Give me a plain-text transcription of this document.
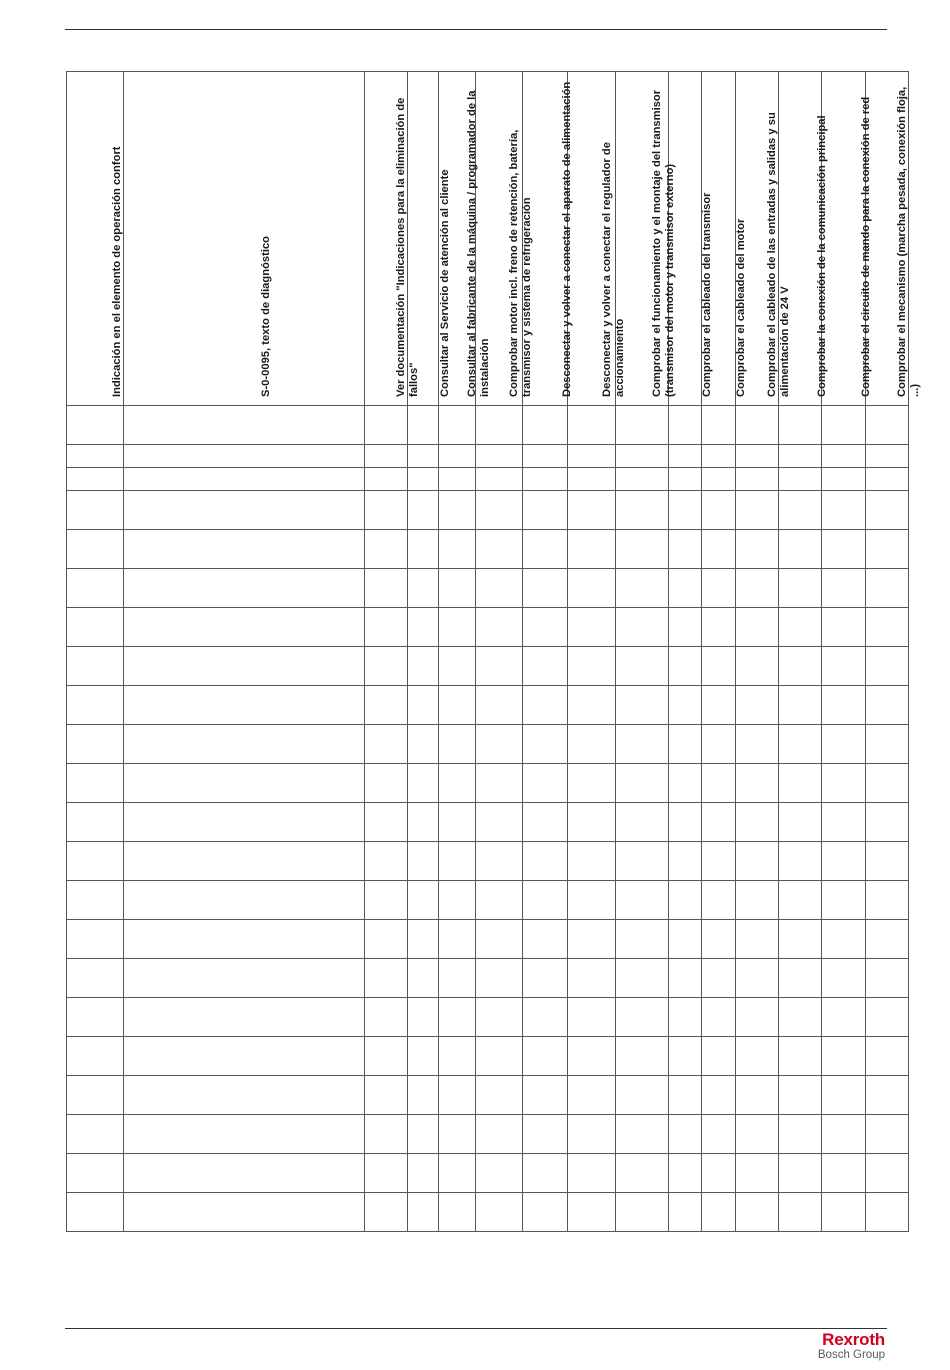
Indicación en el elemento de operación confort	S-0-0095, texto de diagnóstico	Ver documentación "Indicaciones para la eliminación de fallos"	Consultar al Servicio de atención al cliente	Consultar al fabricante de la máquina / programador de la instalación	Comprobar motor incl. freno de retención, batería, transmisor y sistema de refrigeración	Desconectar y volver a conectar el aparato de alimentación	Desconectar y volver a conectar el regulador de accionamiento	Comprobar el funcionamiento y el montaje del transmisor (transmisor del motor y transmisor externo)	Comprobar el cableado del transmisor	Comprobar el cableado del motor	Comprobar el cableado de las entradas y salidas y su alimentación de 24 V	Comprobar la conexión de la comunicación principal	Comprobar el circuito de mando para la conexión de red	Comprobar el mecanismo (marcha pesada, conexión floja, ...)

Rexroth
Bosch Group
